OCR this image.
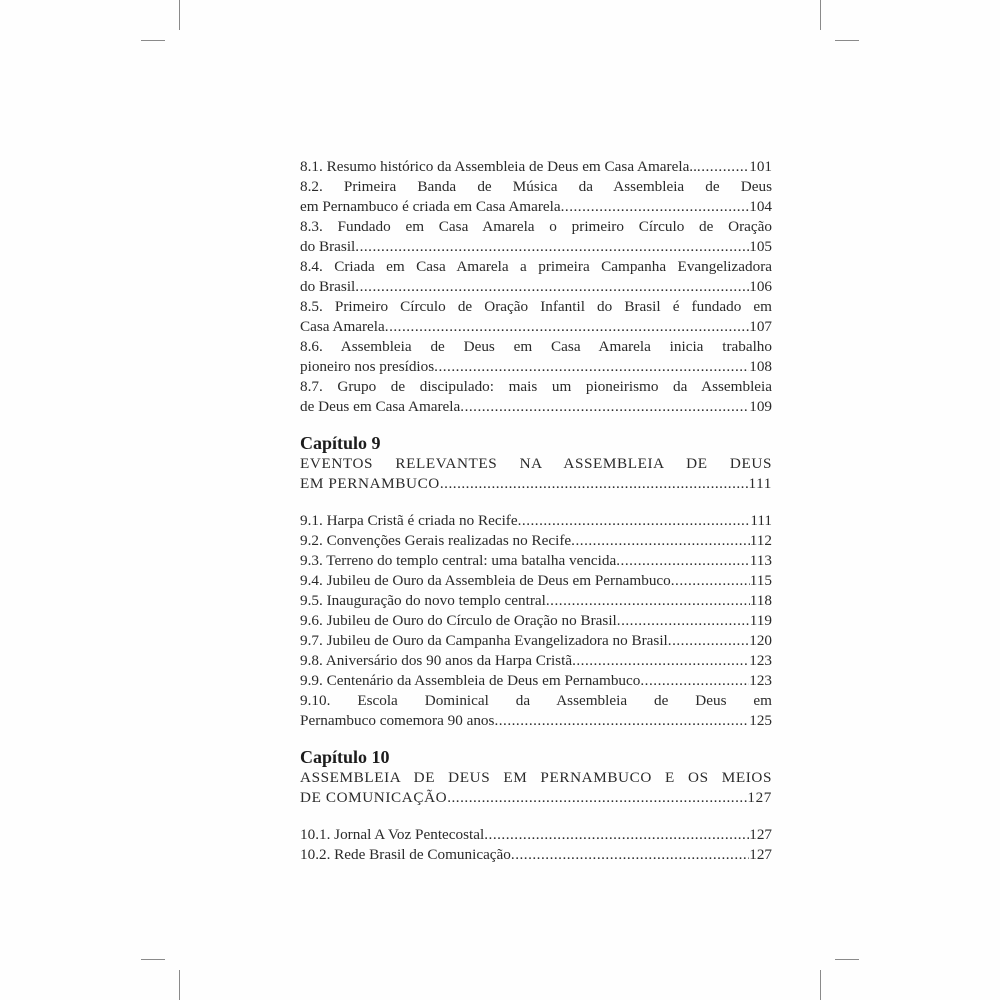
8.1. Resumo histórico da Assembleia de Deus em Casa Amarela.. .....	101
8.2. Primeira Banda de Música da Assembleia de Deus
em Pernambuco é criada em Casa Amarela .....	104
8.3. Fundado em Casa Amarela o primeiro Círculo de Oração
do Brasil .....	105
8.4. Criada em Casa Amarela a primeira Campanha Evangelizadora
do Brasil .....	106
8.5. Primeiro Círculo de Oração Infantil do Brasil é fundado em
Casa Amarela .....	107
8.6. Assembleia de Deus em Casa Amarela inicia trabalho
pioneiro nos presídios .....	108
8.7. Grupo de discipulado: mais um pioneirismo da Assembleia
de Deus em Casa Amarela .....	109
Capítulo 9
EVENTOS RELEVANTES NA ASSEMBLEIA DE DEUS
EM PERNAMBUCO .....	111
9.1. Harpa Cristã é criada no Recife .....	111
9.2. Convenções Gerais realizadas no Recife .....	112
9.3. Terreno do templo central: uma batalha vencida .....	113
9.4. Jubileu de Ouro da Assembleia de Deus em Pernambuco .....	115
9.5. Inauguração do novo templo central .....	118
9.6. Jubileu de Ouro do Círculo de Oração no Brasil .....	119
9.7. Jubileu de Ouro da Campanha Evangelizadora no Brasil .....	120
9.8. Aniversário dos 90 anos da Harpa Cristã .....	123
9.9. Centenário da Assembleia de Deus em Pernambuco .....	123
9.10. Escola Dominical da Assembleia de Deus em
Pernambuco comemora 90 anos .....	125
Capítulo 10
ASSEMBLEIA DE DEUS EM PERNAMBUCO E OS MEIOS
DE COMUNICAÇÃO .....	127
10.1. Jornal A Voz Pentecostal .....	127
10.2. Rede Brasil de Comunicação .....	127
